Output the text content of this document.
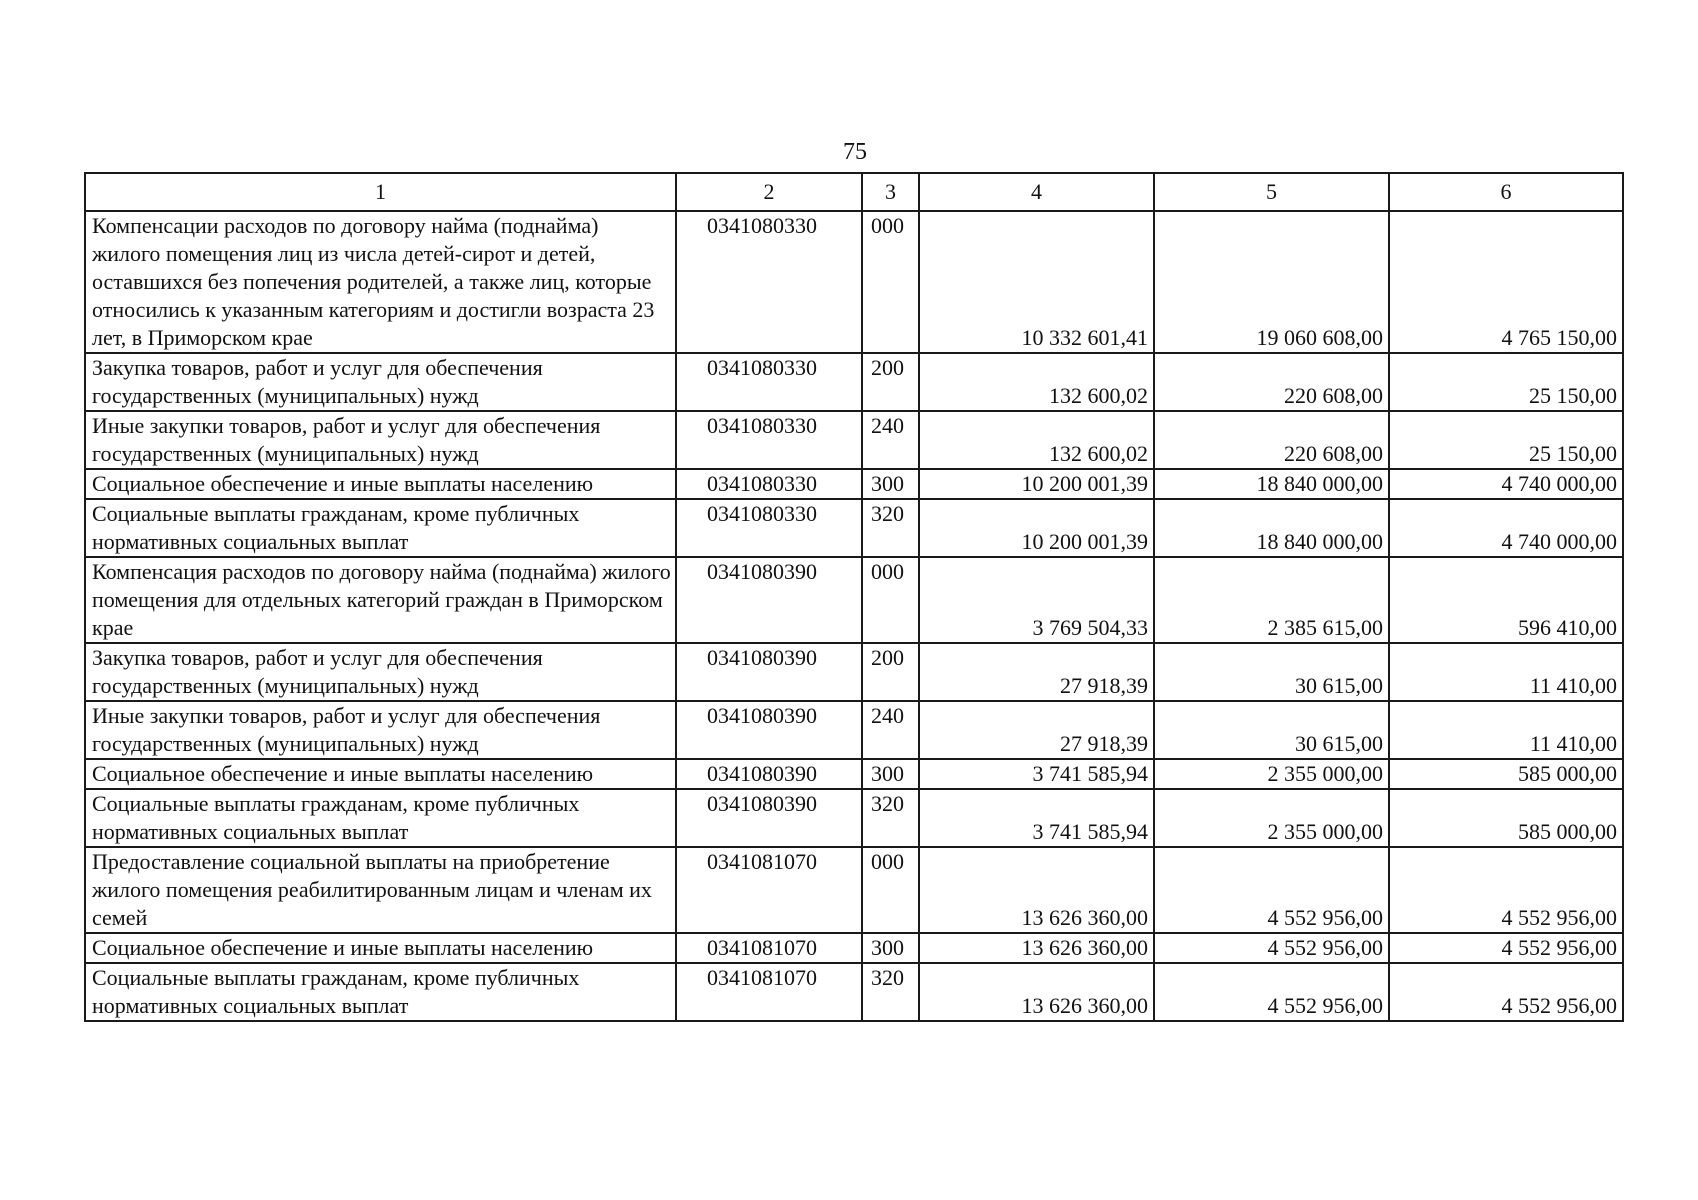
75
1	2	3	4	5	6
Компенсации расходов по договору найма (поднайма) жилого помещения лиц из числа детей-сирот и детей, оставшихся без попечения родителей, а также лиц, которые относились к указанным категориям и достигли возраста 23 лет, в Приморском крае	0341080330	000	10 332 601,41	19 060 608,00	4 765 150,00
Закупка товаров, работ и услуг для обеспечения государственных (муниципальных) нужд	0341080330	200	132 600,02	220 608,00	25 150,00
Иные закупки товаров, работ и услуг для обеспечения государственных (муниципальных) нужд	0341080330	240	132 600,02	220 608,00	25 150,00
Социальное обеспечение и иные выплаты населению	0341080330	300	10 200 001,39	18 840 000,00	4 740 000,00
Социальные выплаты гражданам, кроме публичных нормативных социальных выплат	0341080330	320	10 200 001,39	18 840 000,00	4 740 000,00
Компенсация расходов по договору найма (поднайма) жилого помещения для отдельных категорий граждан в Приморском крае	0341080390	000	3 769 504,33	2 385 615,00	596 410,00
Закупка товаров, работ и услуг для обеспечения государственных (муниципальных) нужд	0341080390	200	27 918,39	30 615,00	11 410,00
Иные закупки товаров, работ и услуг для обеспечения государственных (муниципальных) нужд	0341080390	240	27 918,39	30 615,00	11 410,00
Социальное обеспечение и иные выплаты населению	0341080390	300	3 741 585,94	2 355 000,00	585 000,00
Социальные выплаты гражданам, кроме публичных нормативных социальных выплат	0341080390	320	3 741 585,94	2 355 000,00	585 000,00
Предоставление социальной выплаты на приобретение жилого помещения реабилитированным лицам и членам их семей	0341081070	000	13 626 360,00	4 552 956,00	4 552 956,00
Социальное обеспечение и иные выплаты населению	0341081070	300	13 626 360,00	4 552 956,00	4 552 956,00
Социальные выплаты гражданам, кроме публичных нормативных социальных выплат	0341081070	320	13 626 360,00	4 552 956,00	4 552 956,00
